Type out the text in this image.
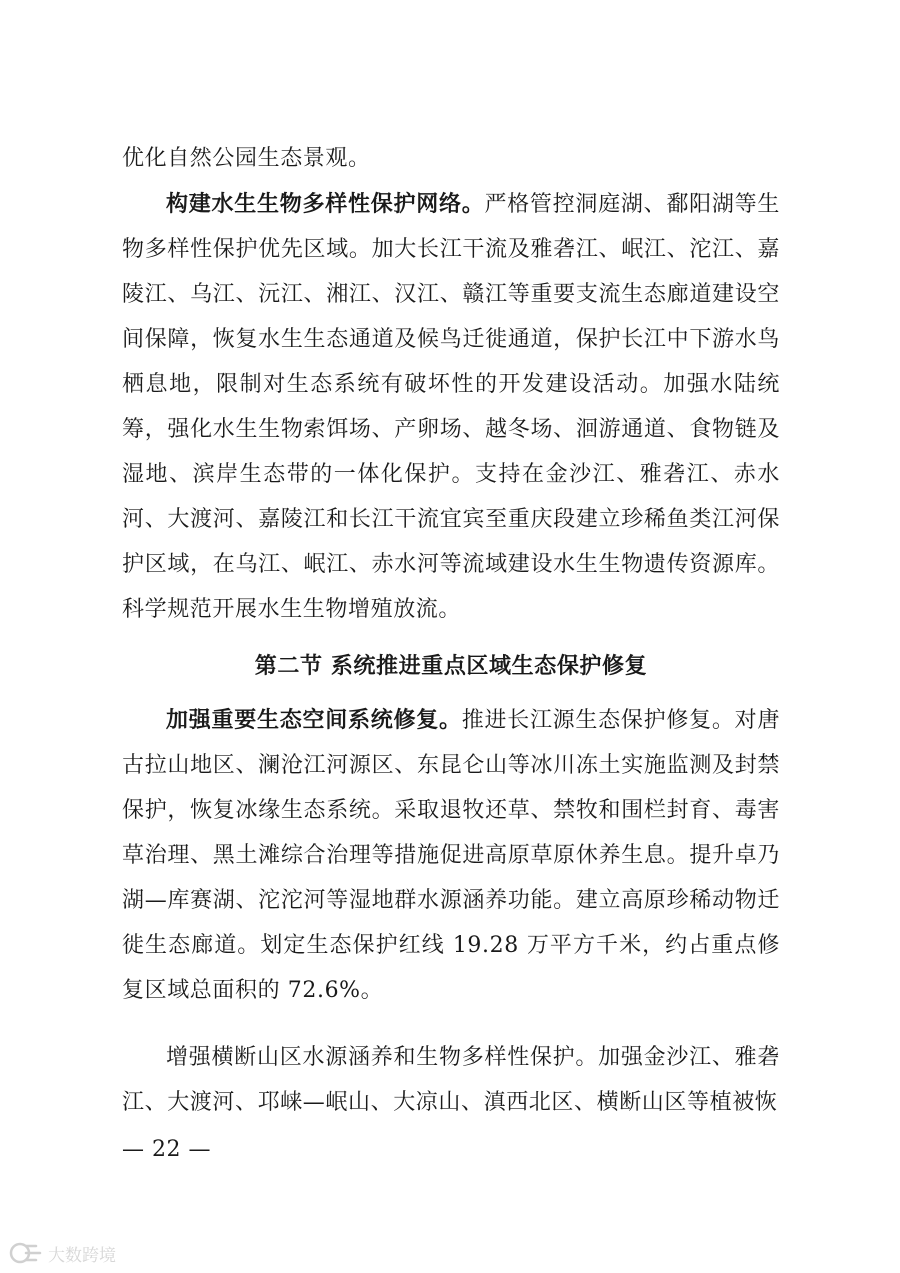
优化自然公园生态景观。

构建水生生物多样性保护网络。严格管控洞庭湖、鄱阳湖等生物多样性保护优先区域。加大长江干流及雅砻江、岷江、沱江、嘉陵江、乌江、沅江、湘江、汉江、赣江等重要支流生态廊道建设空间保障，恢复水生生态通道及候鸟迁徙通道，保护长江中下游水鸟栖息地，限制对生态系统有破坏性的开发建设活动。加强水陆统筹，强化水生生物索饵场、产卵场、越冬场、洄游通道、食物链及湿地、滨岸生态带的一体化保护。支持在金沙江、雅砻江、赤水河、大渡河、嘉陵江和长江干流宜宾至重庆段建立珍稀鱼类江河保护区域，在乌江、岷江、赤水河等流域建设水生生物遗传资源库。科学规范开展水生生物增殖放流。

第二节 系统推进重点区域生态保护修复

加强重要生态空间系统修复。推进长江源生态保护修复。对唐古拉山地区、澜沧江河源区、东昆仑山等冰川冻土实施监测及封禁保护，恢复冰缘生态系统。采取退牧还草、禁牧和围栏封育、毒害草治理、黑土滩综合治理等措施促进高原草原休养生息。提升卓乃湖—库赛湖、沱沱河等湿地群水源涵养功能。建立高原珍稀动物迁徙生态廊道。划定生态保护红线 19.28 万平方千米，约占重点修复区域总面积的 72.6%。

增强横断山区水源涵养和生物多样性保护。加强金沙江、雅砻江、大渡河、邛崃—岷山、大凉山、滇西北区、横断山区等植被恢

— 22 —
大数跨境
